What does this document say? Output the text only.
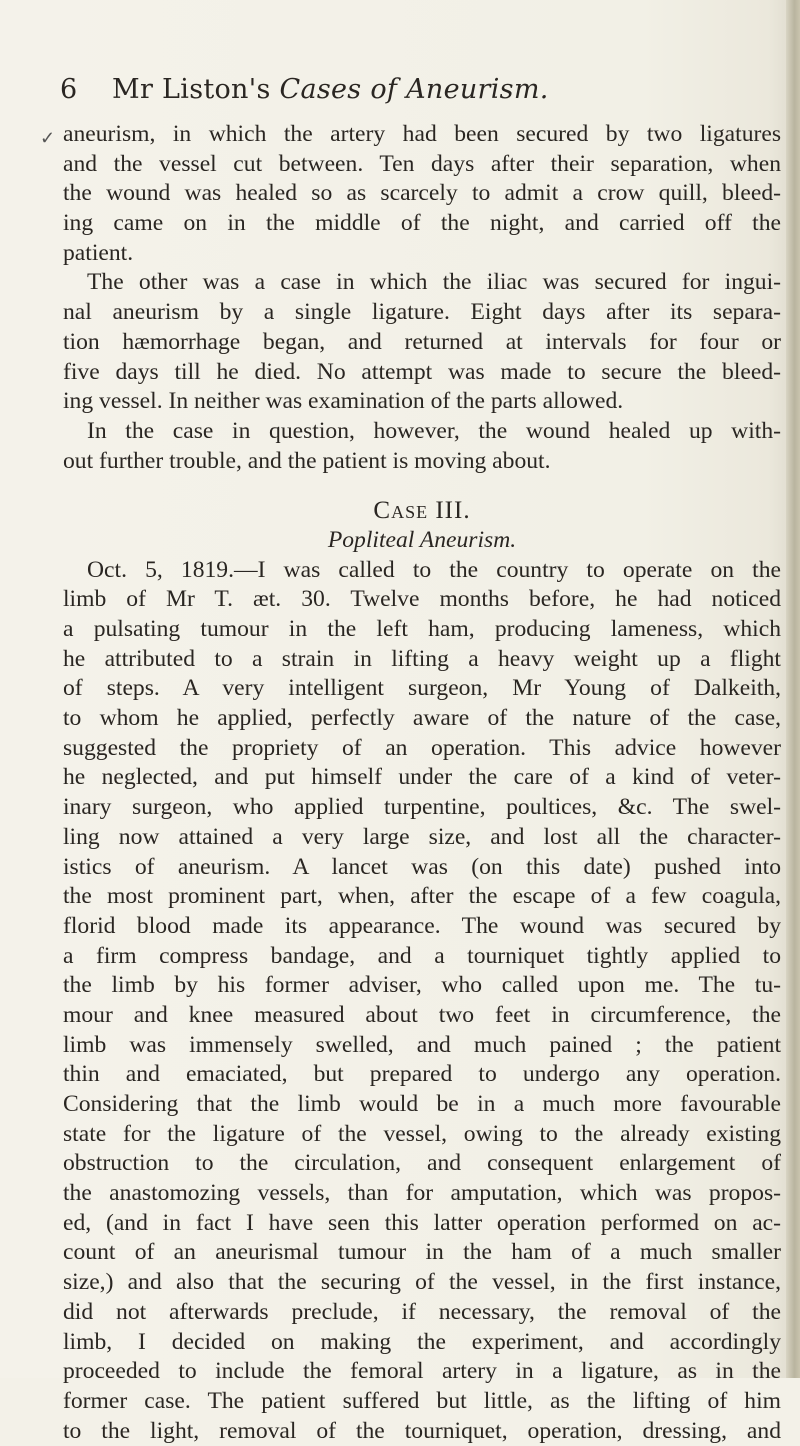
6 Mr Liston's Cases of Aneurism.
✓ aneurism, in which the artery had been secured by two ligatures
and the vessel cut between. Ten days after their separation, when
the wound was healed so as scarcely to admit a crow quill, bleed-
ing came on in the middle of the night, and carried off the
patient.
The other was a case in which the iliac was secured for ingui-
nal aneurism by a single ligature. Eight days after its separa-
tion hæmorrhage began, and returned at intervals for four or
five days till he died. No attempt was made to secure the bleed-
ing vessel. In neither was examination of the parts allowed.
In the case in question, however, the wound healed up with-
out further trouble, and the patient is moving about.
Case III.
Popliteal Aneurism.
Oct. 5, 1819.—I was called to the country to operate on the
limb of Mr T. æt. 30. Twelve months before, he had noticed
a pulsating tumour in the left ham, producing lameness, which
he attributed to a strain in lifting a heavy weight up a flight
of steps. A very intelligent surgeon, Mr Young of Dalkeith,
to whom he applied, perfectly aware of the nature of the case,
suggested the propriety of an operation. This advice however
he neglected, and put himself under the care of a kind of veter-
inary surgeon, who applied turpentine, poultices, &c. The swel-
ling now attained a very large size, and lost all the character-
istics of aneurism. A lancet was (on this date) pushed into
the most prominent part, when, after the escape of a few coagula,
florid blood made its appearance. The wound was secured by
a firm compress bandage, and a tourniquet tightly applied to
the limb by his former adviser, who called upon me. The tu-
mour and knee measured about two feet in circumference, the
limb was immensely swelled, and much pained ; the patient
thin and emaciated, but prepared to undergo any operation.
Considering that the limb would be in a much more favourable
state for the ligature of the vessel, owing to the already existing
obstruction to the circulation, and consequent enlargement of
the anastomozing vessels, than for amputation, which was propos-
ed, (and in fact I have seen this latter operation performed on ac-
count of an aneurismal tumour in the ham of a much smaller
size,) and also that the securing of the vessel, in the first instance,
did not afterwards preclude, if necessary, the removal of the
limb, I decided on making the experiment, and accordingly
proceeded to include the femoral artery in a ligature, as in the
former case. The patient suffered but little, as the lifting of him
to the light, removal of the tourniquet, operation, dressing, and
